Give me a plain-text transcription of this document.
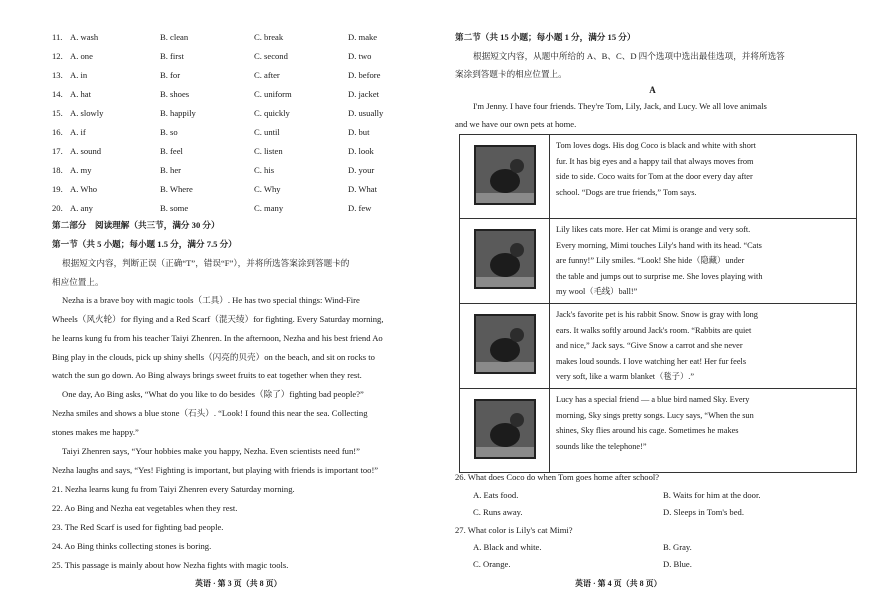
11. A. wash	B. clean	C. break	D. make
12. A. one	B. first	C. second	D. two
13. A. in	B. for	C. after	D. before
14. A. hat	B. shoes	C. uniform	D. jacket
15. A. slowly	B. happily	C. quickly	D. usually
16. A. if	B. so	C. until	D. but
17. A. sound	B. feel	C. listen	D. look
18. A. my	B. her	C. his	D. your
19. A. Who	B. Where	C. Why	D. What
20. A. any	B. some	C. many	D. few
第二部分　阅读理解（共三节，满分 30 分）
第一节（共 5 小题；每小题 1.5 分，满分 7.5 分）
根据短文内容，判断正误（正确“T”，错误“F”），并将所选答案涂到答题卡的
相应位置上。
Nezha is a brave boy with magic tools（工具）. He has two special things: Wind-Fire
Wheels（风火轮）for flying and a Red Scarf（混天绫）for fighting. Every Saturday morning,
he learns kung fu from his teacher Taiyi Zhenren. In the afternoon, Nezha and his best friend Ao
Bing play in the clouds, pick up shiny shells（闪亮的贝壳）on the beach, and sit on rocks to
watch the sun go down. Ao Bing always brings sweet fruits to eat together when they rest.
One day, Ao Bing asks, “What do you like to do besides（除了）fighting bad people?”
Nezha smiles and shows a blue stone（石头）. “Look! I found this near the sea. Collecting
stones makes me happy.”
Taiyi Zhenren says, “Your hobbies make you happy, Nezha. Even scientists need fun!”
Nezha laughs and says, “Yes! Fighting is important, but playing with friends is important too!”
21. Nezha learns kung fu from Taiyi Zhenren every Saturday morning.
22. Ao Bing and Nezha eat vegetables when they rest.
23. The Red Scarf is used for fighting bad people.
24. Ao Bing thinks collecting stones is boring.
25. This passage is mainly about how Nezha fights with magic tools.
英语 · 第 3 页（共 8 页）
第二节（共 15 小题；每小题 1 分，满分 15 分）
根据短文内容，从题中所给的 A、B、C、D 四个选项中选出最佳选项，并将所选答
案涂到答题卡的相应位置上。
A
I'm Jenny. I have four friends. They're Tom, Lily, Jack, and Lucy. We all love animals
and we have our own pets at home.

	Tom loves dogs. His dog Coco is black and white with short
fur. It has big eyes and a happy tail that always moves from
side to side. Coco waits for Tom at the door every day after
school. “Dogs are true friends,” Tom says.

	Lily likes cats more. Her cat Mimi is orange and very soft.
Every morning, Mimi touches Lily's hand with its head. “Cats
are funny!” Lily smiles. “Look! She hide（隐藏）under
the table and jumps out to surprise me. She loves playing with
my wool（毛线）ball!”

	Jack's favorite pet is his rabbit Snow. Snow is gray with long
ears. It walks softly around Jack's room. “Rabbits are quiet
and nice,” Jack says. “Give Snow a carrot and she never
makes loud sounds. I love watching her eat! Her fur feels
very soft, like a warm blanket（毯子）.”

	Lucy has a special friend — a blue bird named Sky. Every
morning, Sky sings pretty songs. Lucy says, “When the sun
shines, Sky flies around his cage. Sometimes he makes
sounds like the telephone!”
26. What does Coco do when Tom goes home after school?
A. Eats food.	B. Waits for him at the door.
C. Runs away.	D. Sleeps in Tom's bed.
27. What color is Lily's cat Mimi?
A. Black and white.	B. Gray.
C. Orange.	D. Blue.
英语 · 第 4 页（共 8 页）
